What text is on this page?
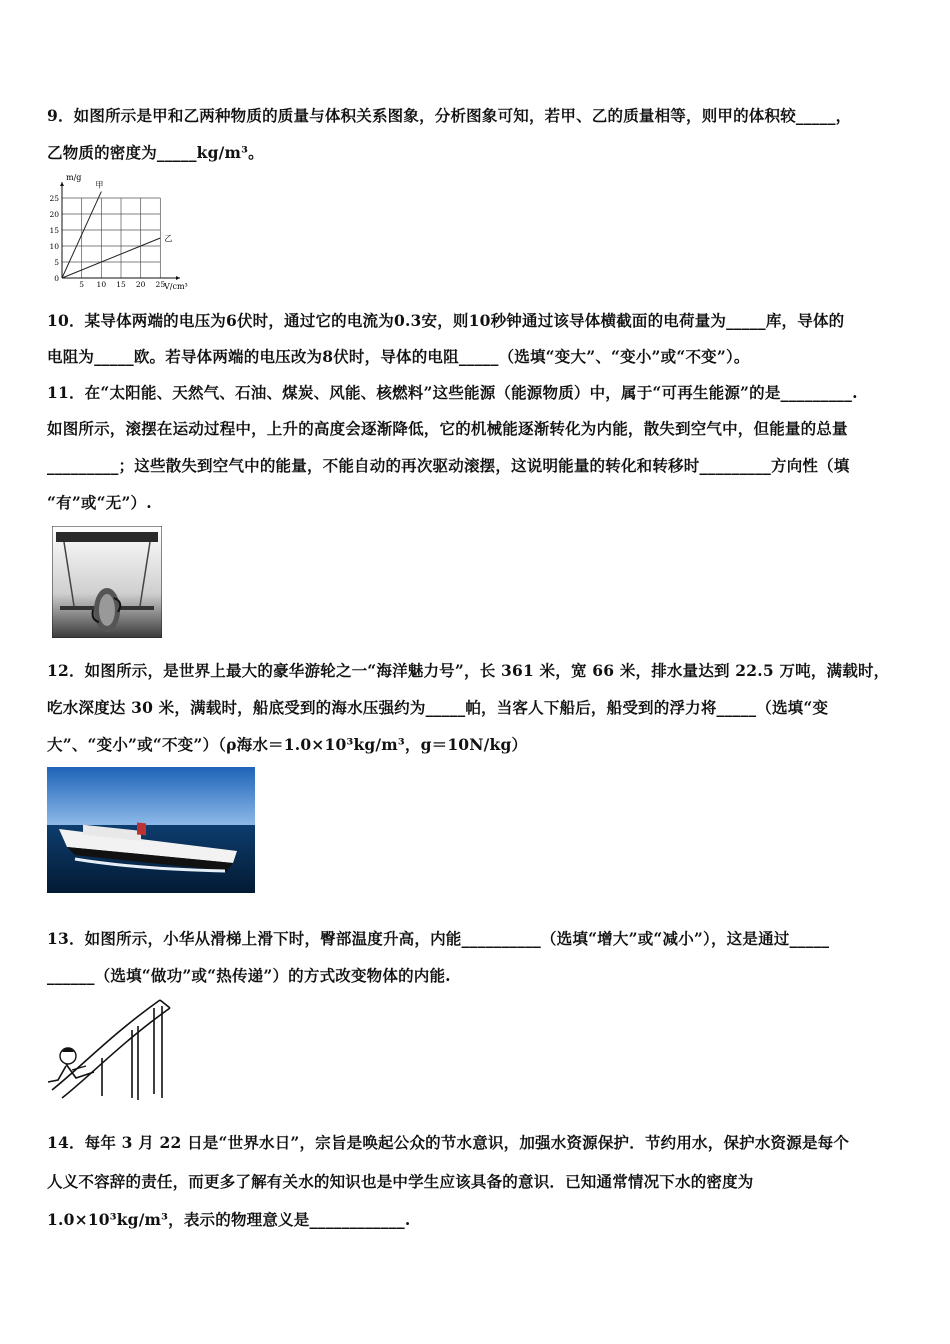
9．如图所示是甲和乙两种物质的质量与体积关系图象，分析图象可知，若甲、乙的质量相等，则甲的体积较_____，
乙物质的密度为_____kg/m³。
5 10 15 20 25
0
5
10
15
20
25
甲
乙
m/g
V/cm³
10．某导体两端的电压为6伏时，通过它的电流为0.3安，则10秒钟通过该导体横截面的电荷量为_____库，导体的
电阻为_____欧。若导体两端的电压改为8伏时，导体的电阻_____（选填“变大”、“变小”或“不变”）。
11．在“太阳能、天然气、石油、煤炭、风能、核燃料”这些能源（能源物质）中，属于“可再生能源”的是_________.
如图所示，滚摆在运动过程中，上升的高度会逐渐降低，它的机械能逐渐转化为内能，散失到空气中，但能量的总量
_________；这些散失到空气中的能量，不能自动的再次驱动滚摆，这说明能量的转化和转移时_________方向性（填
“有”或“无”）.
12．如图所示，是世界上最大的豪华游轮之一“海洋魅力号”，长 361 米，宽 66 米，排水量达到 22.5 万吨，满载时，
吃水深度达 30 米，满载时，船底受到的海水压强约为_____帕，当客人下船后，船受到的浮力将_____（选填“变
大”、“变小”或“不变”）（ρ海水＝1.0×10³kg/m³，g＝10N/kg）
13．如图所示，小华从滑梯上滑下时，臀部温度升高，内能__________（选填“增大”或“减小”），这是通过_____
______（选填“做功”或“热传递”）的方式改变物体的内能.
14．每年 3 月 22 日是“世界水日”，宗旨是唤起公众的节水意识，加强水资源保护．节约用水，保护水资源是每个
人义不容辞的责任，而更多了解有关水的知识也是中学生应该具备的意识．已知通常情况下水的密度为
1.0×10³kg/m³，表示的物理意义是____________.
